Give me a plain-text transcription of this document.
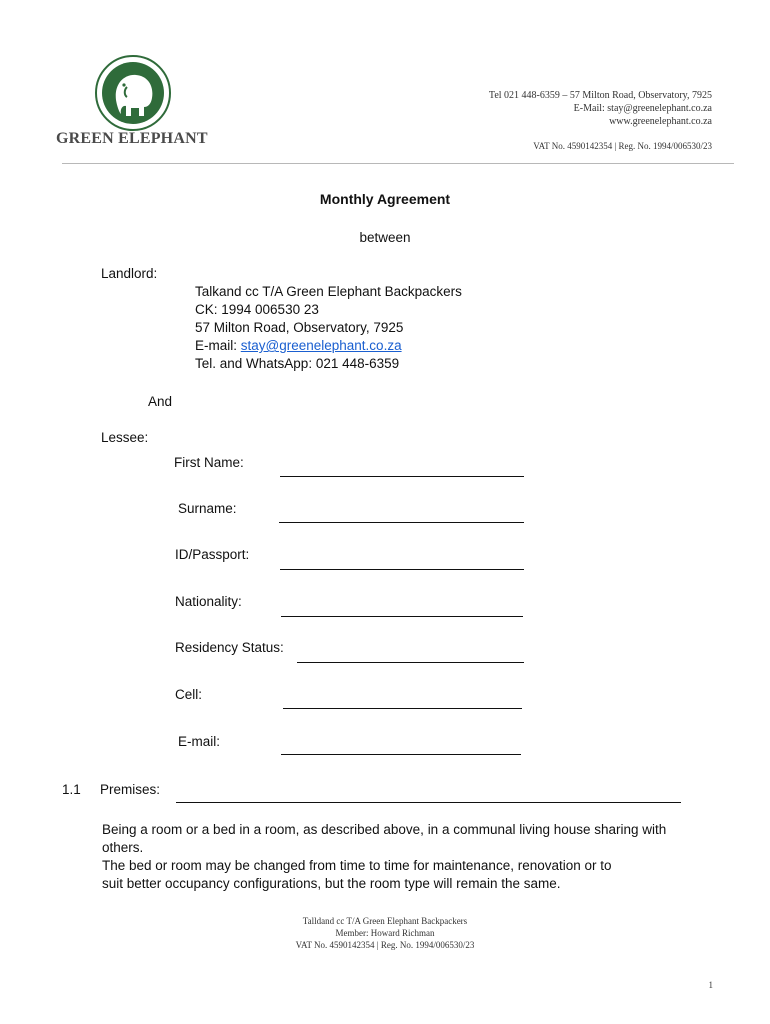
GREEN ELEPHANT
Tel 021 448-6359 – 57 Milton Road, Observatory, 7925
E-Mail: stay@greenelephant.co.za
www.greenelephant.co.za
VAT No. 4590142354 | Reg. No. 1994/006530/23
Monthly Agreement
between
Landlord:
Talkand cc T/A Green Elephant Backpackers
CK: 1994 006530 23
57 Milton Road, Observatory, 7925
E-mail: stay@greenelephant.co.za
Tel. and WhatsApp: 021 448-6359
And
Lessee:
First Name:
Surname:
ID/Passport:
Nationality:
Residency Status:
Cell:
E-mail:
1.1 Premises:
Being a room or a bed in a room, as described above, in a communal living house sharing with
others.
The bed or room may be changed from time to time for maintenance, renovation or to
suit better occupancy configurations, but the room type will remain the same.
Talldand cc T/A Green Elephant Backpackers
Member: Howard Richman
VAT No. 4590142354 | Reg. No. 1994/006530/23
1
